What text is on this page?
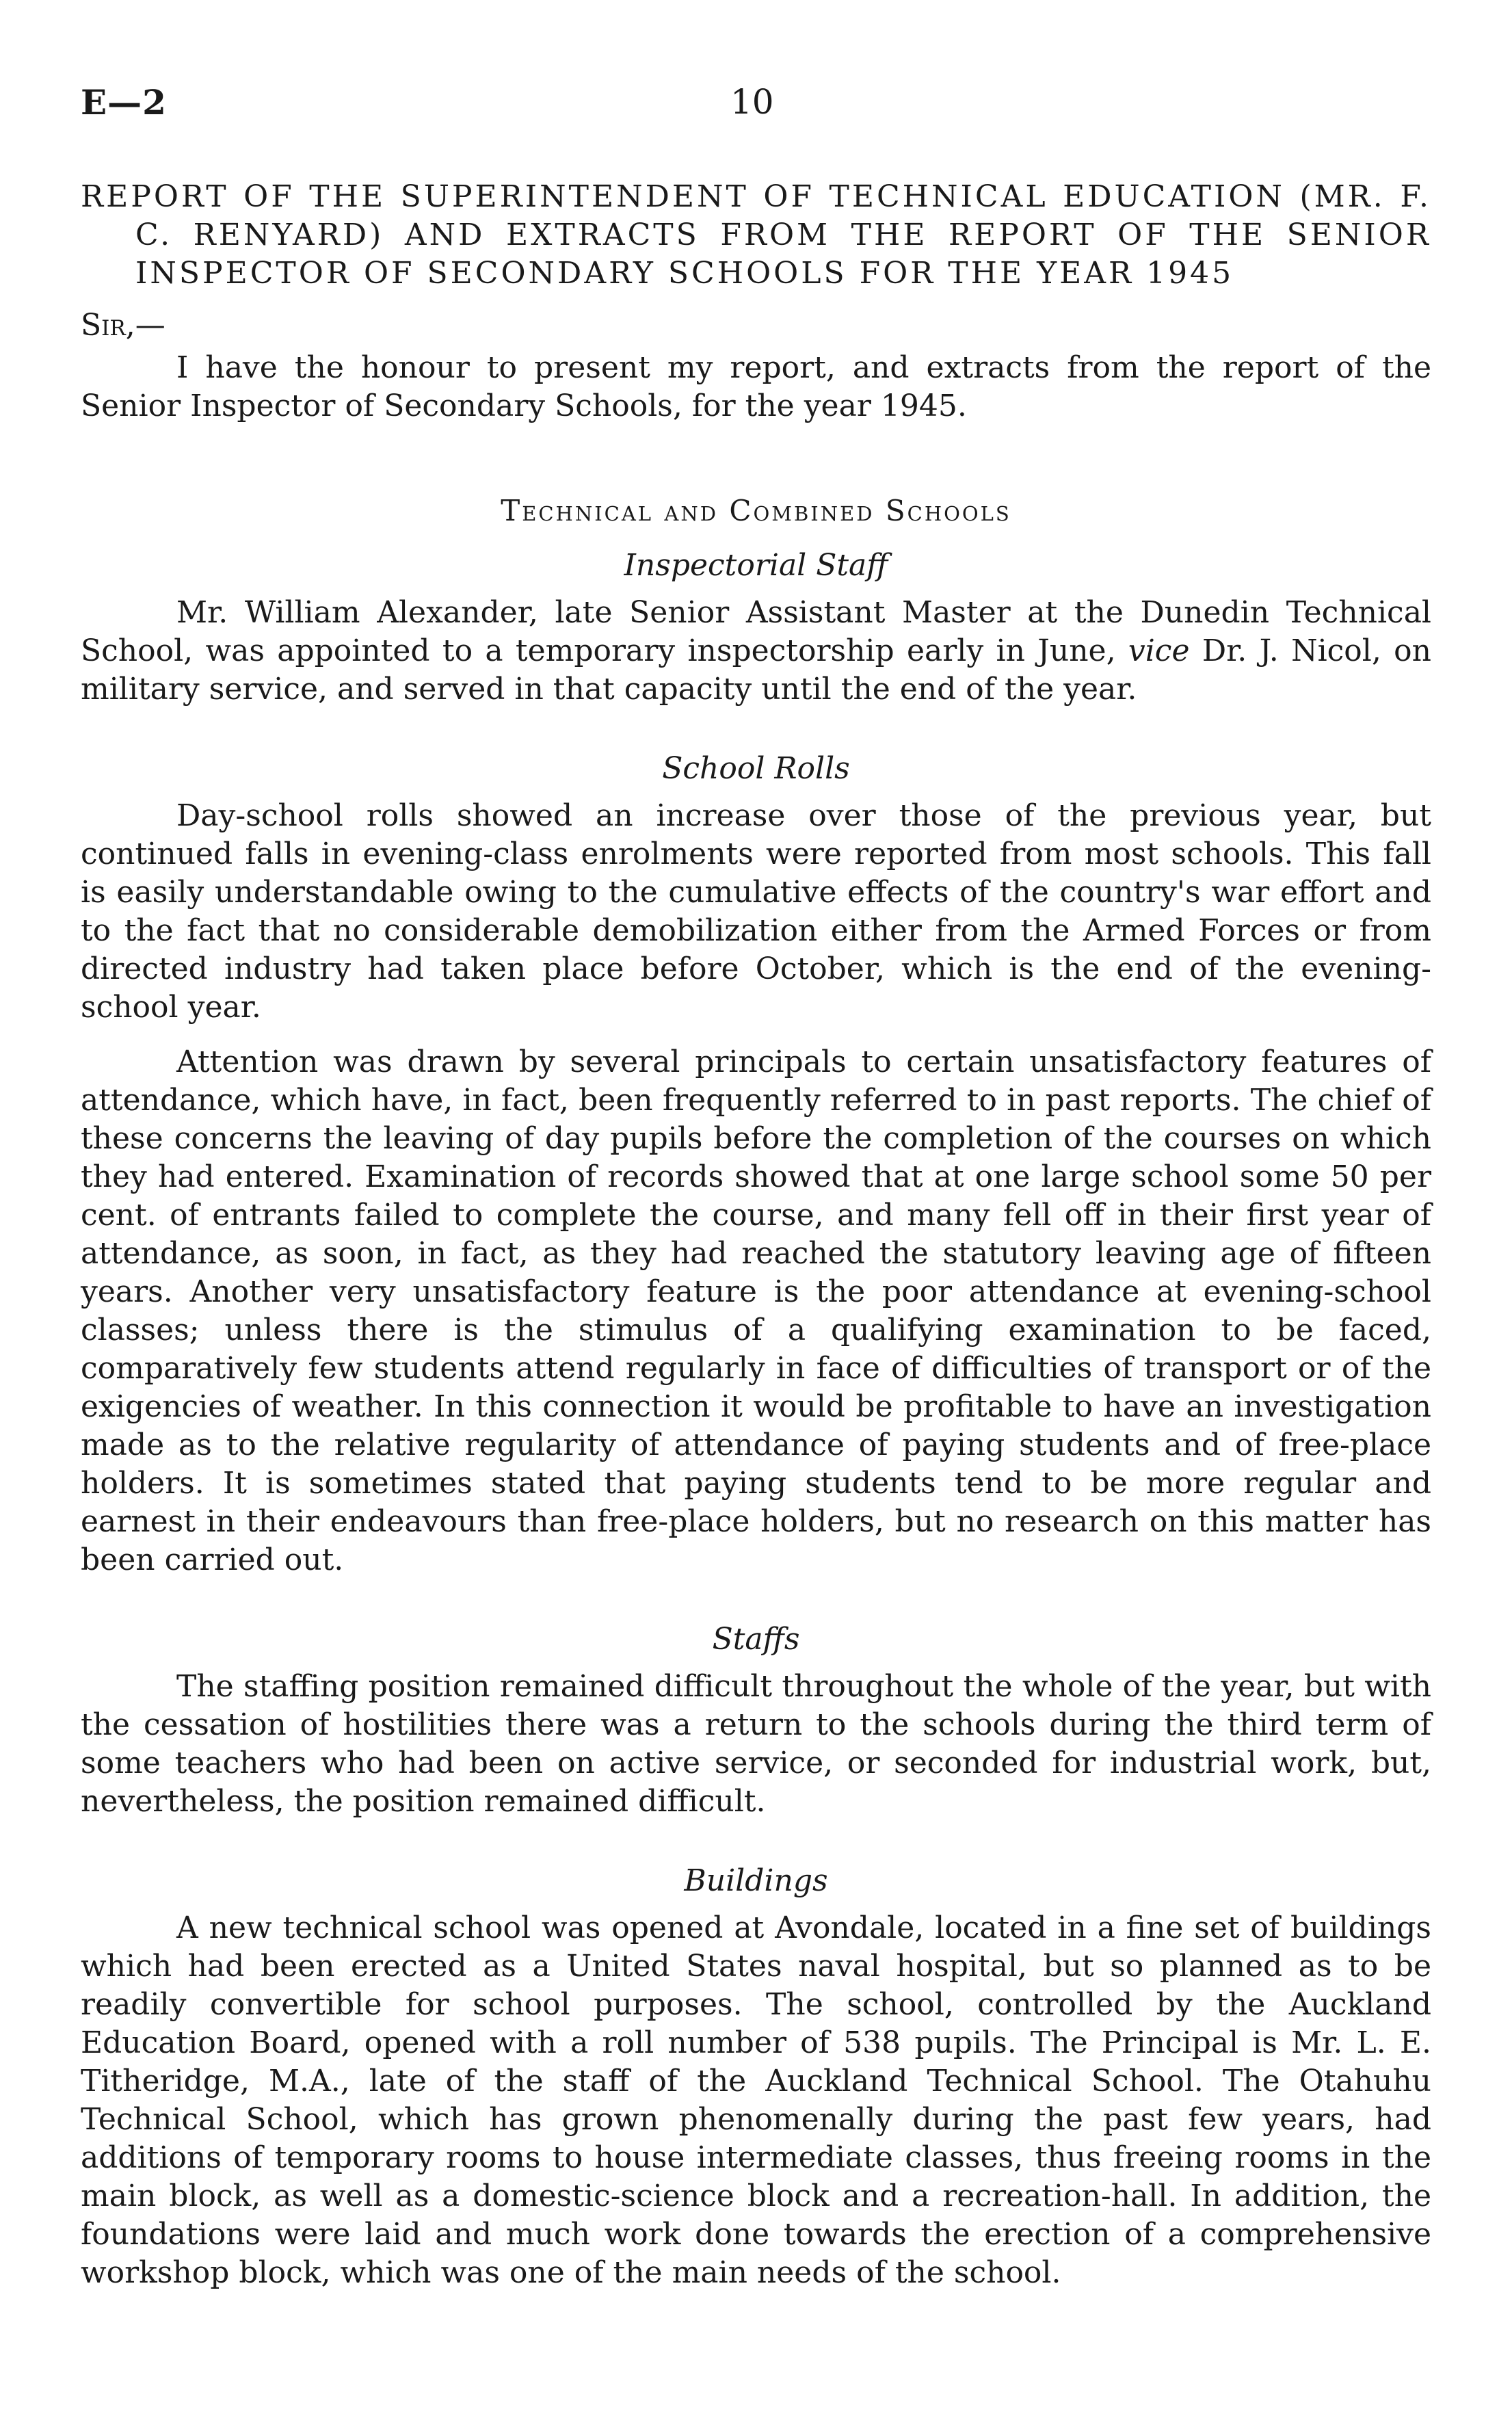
E—2	10
REPORT OF THE SUPERINTENDENT OF TECHNICAL EDUCATION (MR. F. C. RENYARD) AND EXTRACTS FROM THE REPORT OF THE SENIOR INSPECTOR OF SECONDARY SCHOOLS FOR THE YEAR 1945
Sir,—

I have the honour to present my report, and extracts from the report of the Senior Inspector of Secondary Schools, for the year 1945.

Technical and Combined Schools
Inspectorial Staff

Mr. William Alexander, late Senior Assistant Master at the Dunedin Technical School, was appointed to a temporary inspectorship early in June, vice Dr. J. Nicol, on military service, and served in that capacity until the end of the year.

School Rolls

Day-school rolls showed an increase over those of the previous year, but continued falls in evening-class enrolments were reported from most schools. This fall is easily understandable owing to the cumulative effects of the country's war effort and to the fact that no considerable demobilization either from the Armed Forces or from directed industry had taken place before October, which is the end of the evening-school year.

Attention was drawn by several principals to certain unsatisfactory features of attendance, which have, in fact, been frequently referred to in past reports. The chief of these concerns the leaving of day pupils before the completion of the courses on which they had entered. Examination of records showed that at one large school some 50 per cent. of entrants failed to complete the course, and many fell off in their first year of attendance, as soon, in fact, as they had reached the statutory leaving age of fifteen years. Another very unsatisfactory feature is the poor attendance at evening-school classes; unless there is the stimulus of a qualifying examination to be faced, comparatively few students attend regularly in face of difficulties of transport or of the exigencies of weather. In this connection it would be profitable to have an investigation made as to the relative regularity of attendance of paying students and of free-place holders. It is sometimes stated that paying students tend to be more regular and earnest in their endeavours than free-place holders, but no research on this matter has been carried out.

Staffs

The staffing position remained difficult throughout the whole of the year, but with the cessation of hostilities there was a return to the schools during the third term of some teachers who had been on active service, or seconded for industrial work, but, nevertheless, the position remained difficult.

Buildings

A new technical school was opened at Avondale, located in a fine set of buildings which had been erected as a United States naval hospital, but so planned as to be readily convertible for school purposes. The school, controlled by the Auckland Education Board, opened with a roll number of 538 pupils. The Principal is Mr. L. E. Titheridge, M.A., late of the staff of the Auckland Technical School. The Otahuhu Technical School, which has grown phenomenally during the past few years, had additions of temporary rooms to house intermediate classes, thus freeing rooms in the main block, as well as a domestic-science block and a recreation-hall. In addition, the foundations were laid and much work done towards the erection of a comprehensive workshop block, which was one of the main needs of the school.
